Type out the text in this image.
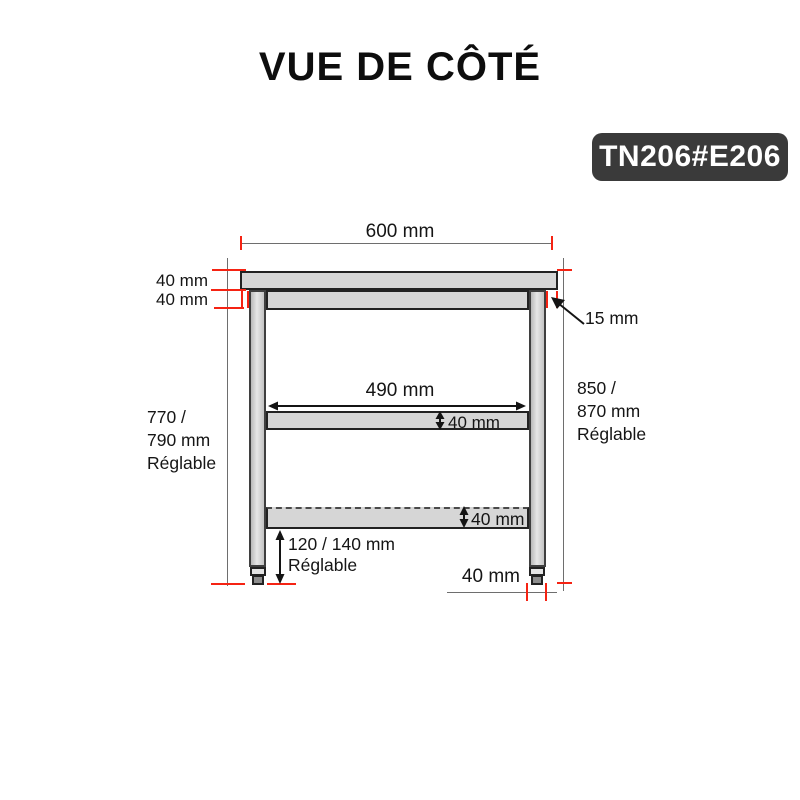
VUE DE CÔTÉ
TN206#E206
600 mm
40 mm
40 mm
15 mm
770 /
790 mm
Réglable
850 /
870 mm
Réglable
490 mm
40 mm
40 mm
120 / 140 mm
Réglable
40 mm
